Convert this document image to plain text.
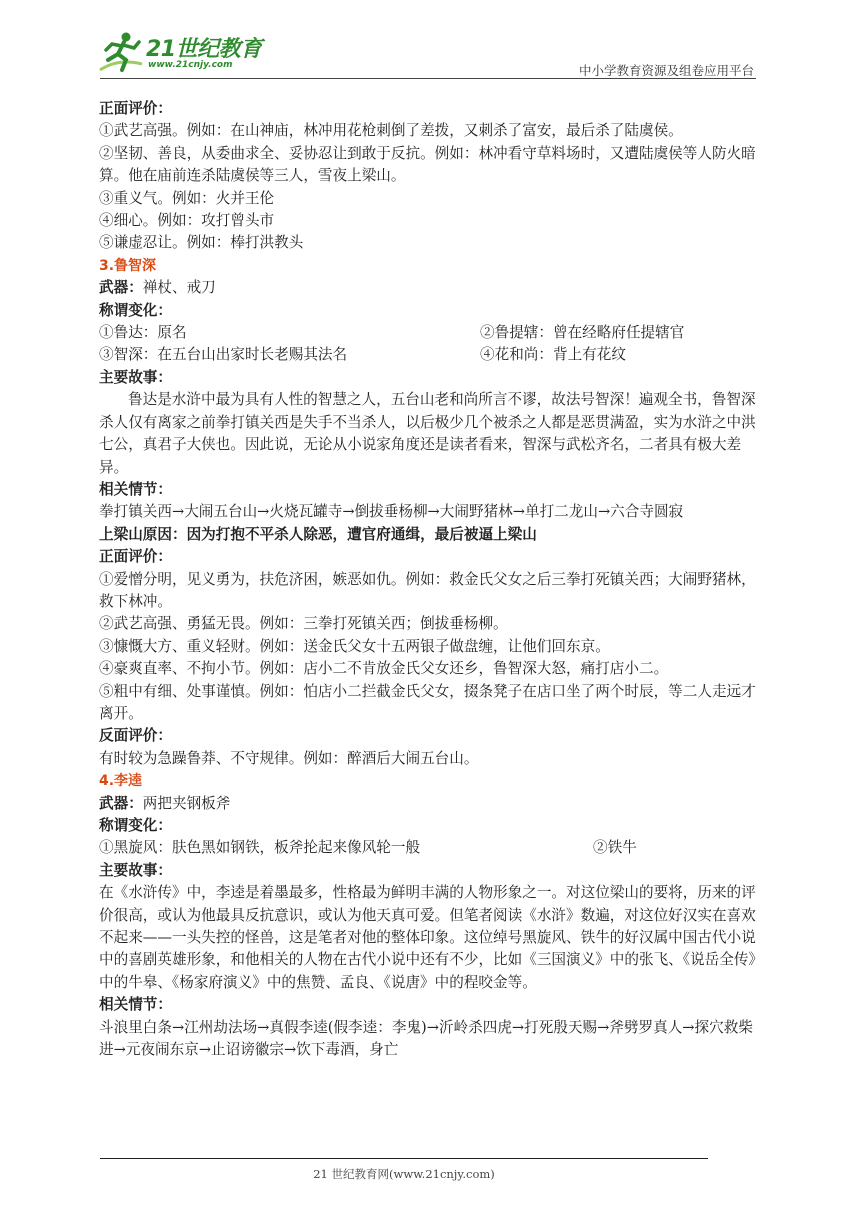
21世纪教育
www.21cnjy.com	中小学教育资源及组卷应用平台

正面评价：

①武艺高强。例如：在山神庙，林冲用花枪刺倒了差拨，又刺杀了富安，最后杀了陆虞侯。

②坚韧、善良，从委曲求全、妥协忍让到敢于反抗。例如：林冲看守草料场时，又遭陆虞侯等人防火暗算。他在庙前连杀陆虞侯等三人，雪夜上梁山。

③重义气。例如：火并王伦

④细心。例如：攻打曾头市

⑤谦虚忍让。例如：棒打洪教头

3.鲁智深

武器：禅杖、戒刀

称谓变化：

①鲁达：原名	②鲁提辖：曾在经略府任提辖官
③智深：在五台山出家时长老赐其法名	④花和尚：背上有花纹

主要故事：

鲁达是水浒中最为具有人性的智慧之人，五台山老和尚所言不谬，故法号智深！遍观全书，鲁智深杀人仅有离家之前拳打镇关西是失手不当杀人，以后极少几个被杀之人都是恶贯满盈，实为水浒之中洪七公，真君子大侠也。因此说，无论从小说家角度还是读者看来，智深与武松齐名，二者具有极大差异。

相关情节：

拳打镇关西→大闹五台山→火烧瓦罐寺→倒拔垂杨柳→大闹野猪林→单打二龙山→六合寺圆寂

上梁山原因：因为打抱不平杀人除恶，遭官府通缉，最后被逼上梁山

正面评价：

①爱憎分明，见义勇为，扶危济困，嫉恶如仇。例如：救金氏父女之后三拳打死镇关西；大闹野猪林，救下林冲。

②武艺高强、勇猛无畏。例如：三拳打死镇关西；倒拔垂杨柳。

③慷慨大方、重义轻财。例如：送金氏父女十五两银子做盘缠，让他们回东京。

④豪爽直率、不拘小节。例如：店小二不肯放金氏父女还乡，鲁智深大怒，痛打店小二。

⑤粗中有细、处事谨慎。例如：怕店小二拦截金氏父女，掇条凳子在店口坐了两个时辰，等二人走远才离开。

反面评价：

有时较为急躁鲁莽、不守规律。例如：醉酒后大闹五台山。

4.李逵

武器：两把夹钢板斧

称谓变化：

①黑旋风：肤色黑如钢铁，板斧抡起来像风轮一般	②铁牛

主要故事：

在《水浒传》中，李逵是着墨最多，性格最为鲜明丰满的人物形象之一。对这位梁山的要将，历来的评价很高，或认为他最具反抗意识，或认为他天真可爱。但笔者阅读《水浒》数遍，对这位好汉实在喜欢不起来——一头失控的怪兽，这是笔者对他的整体印象。这位绰号黑旋风、铁牛的好汉属中国古代小说中的喜剧英雄形象，和他相关的人物在古代小说中还有不少，比如《三国演义》中的张飞、《说岳全传》中的牛皋、《杨家府演义》中的焦赞、孟良、《说唐》中的程咬金等。

相关情节：

斗浪里白条→江州劫法场→真假李逵(假李逵：李鬼)→沂岭杀四虎→打死殷天赐→斧劈罗真人→探穴救柴进→元夜闹东京→止诏谤徽宗→饮下毒酒，身亡

21 世纪教育网(www.21cnjy.com)
